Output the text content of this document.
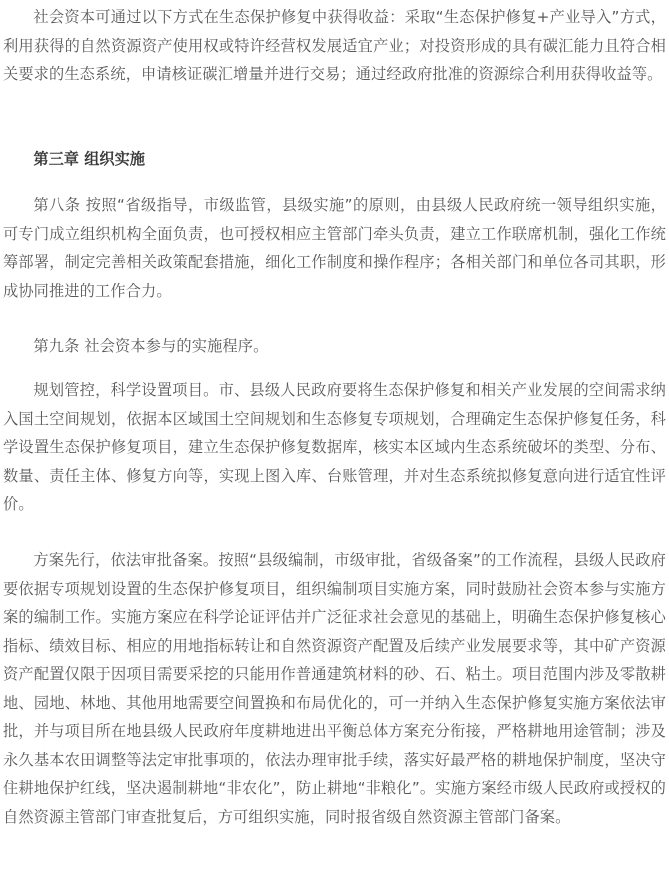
社会资本可通过以下方式在生态保护修复中获得收益：采取“生态保护修复+产业导入”方式，利用获得的自然资源资产使用权或特许经营权发展适宜产业；对投资形成的具有碳汇能力且符合相关要求的生态系统，申请核证碳汇增量并进行交易；通过经政府批准的资源综合利用获得收益等。

第三章 组织实施

第八条 按照“省级指导，市级监管，县级实施”的原则，由县级人民政府统一领导组织实施，可专门成立组织机构全面负责，也可授权相应主管部门牵头负责，建立工作联席机制，强化工作统筹部署，制定完善相关政策配套措施，细化工作制度和操作程序；各相关部门和单位各司其职，形成协同推进的工作合力。

第九条 社会资本参与的实施程序。

规划管控，科学设置项目。市、县级人民政府要将生态保护修复和相关产业发展的空间需求纳入国土空间规划，依据本区域国土空间规划和生态修复专项规划，合理确定生态保护修复任务，科学设置生态保护修复项目，建立生态保护修复数据库，核实本区域内生态系统破坏的类型、分布、数量、责任主体、修复方向等，实现上图入库、台账管理，并对生态系统拟修复意向进行适宜性评价。

方案先行，依法审批备案。按照“县级编制，市级审批，省级备案”的工作流程，县级人民政府要依据专项规划设置的生态保护修复项目，组织编制项目实施方案，同时鼓励社会资本参与实施方案的编制工作。实施方案应在科学论证评估并广泛征求社会意见的基础上，明确生态保护修复核心指标、绩效目标、相应的用地指标转让和自然资源资产配置及后续产业发展要求等，其中矿产资源资产配置仅限于因项目需要采挖的只能用作普通建筑材料的砂、石、粘土。项目范围内涉及零散耕地、园地、林地、其他用地需要空间置换和布局优化的，可一并纳入生态保护修复实施方案依法审批，并与项目所在地县级人民政府年度耕地进出平衡总体方案充分衔接，严格耕地用途管制；涉及永久基本农田调整等法定审批事项的，依法办理审批手续，落实好最严格的耕地保护制度，坚决守住耕地保护红线，坚决遏制耕地“非农化”，防止耕地“非粮化”。实施方案经市级人民政府或授权的自然资源主管部门审查批复后，方可组织实施，同时报省级自然资源主管部门备案。
